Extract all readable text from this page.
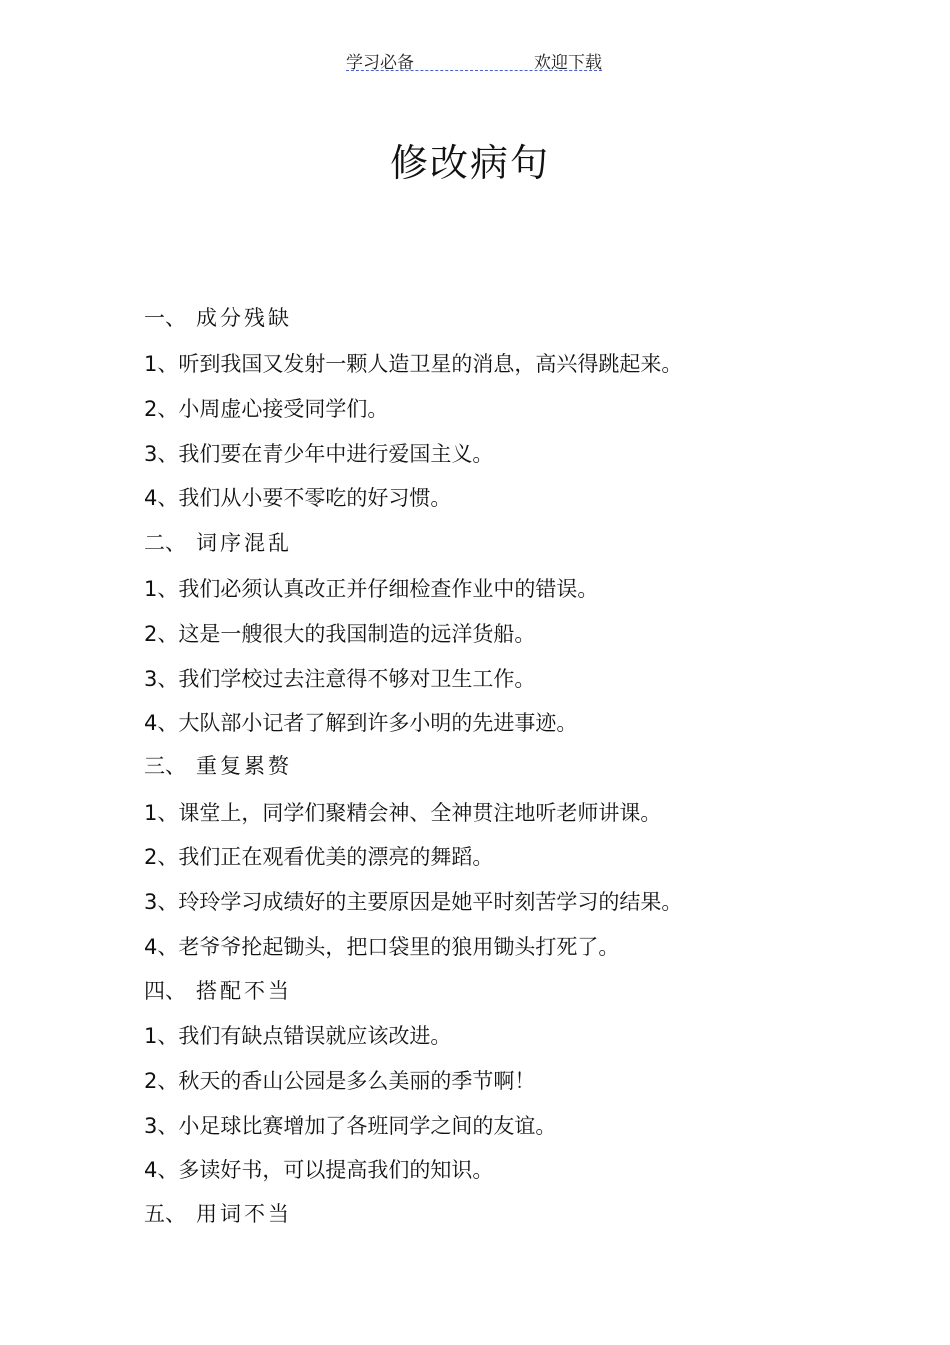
学习必备	欢迎下载
修改病句
一、 成分残缺
1、听到我国又发射一颗人造卫星的消息，高兴得跳起来。
2、小周虚心接受同学们。
3、我们要在青少年中进行爱国主义。
4、我们从小要不零吃的好习惯。
二、 词序混乱
1、我们必须认真改正并仔细检查作业中的错误。
2、这是一艘很大的我国制造的远洋货船。
3、我们学校过去注意得不够对卫生工作。
4、大队部小记者了解到许多小明的先进事迹。
三、 重复累赘
1、课堂上，同学们聚精会神、全神贯注地听老师讲课。
2、我们正在观看优美的漂亮的舞蹈。
3、玲玲学习成绩好的主要原因是她平时刻苦学习的结果。
4、老爷爷抡起锄头，把口袋里的狼用锄头打死了。
四、 搭配不当
1、我们有缺点错误就应该改进。
2、秋天的香山公园是多么美丽的季节啊！
3、小足球比赛增加了各班同学之间的友谊。
4、多读好书，可以提高我们的知识。
五、 用词不当
